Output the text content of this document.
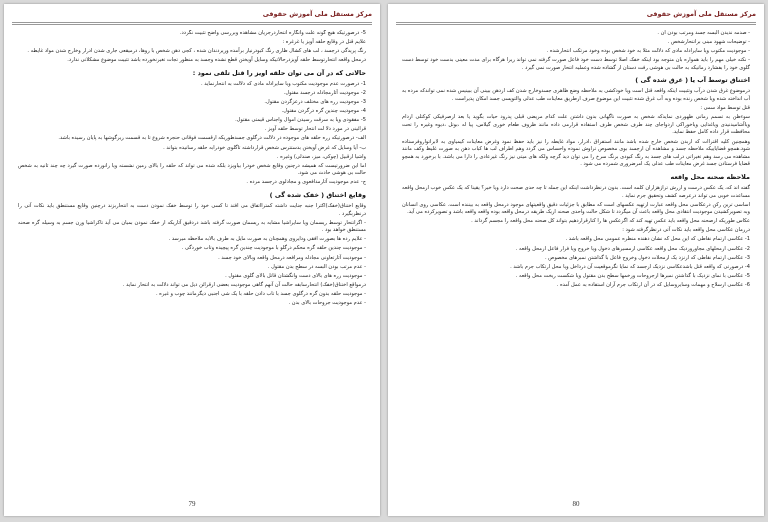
مرکز مستقل ملی آموزش حقوقی

5- درصورتیکه هیچ گونه علت وانگاره انتحاردرجریان مشاهده وبررسی واضح تثبیت نگردد.

علایم قتل در وقایع حلقه آویز یا غرغره :

رنگ پریدگی درجسد ، لب های کشال ظاری رنگ کبودرنیاز برآمده وزیردندان شده ، کجی دهن شخص با زوها، درمیقعی جاری شدن ادرار وخارج شدن مواد غایطه .

درمحل واقعه انتحارتوسط حلقه آویزدرحالاتیکه وسایل آویختن قطع نشده وجسد به منظور تجات تغیرنخورده باشد تثبیت موضوع مشکلاتی ندارد.

حالاتی که در آن می توان حلقه اویز را قتل تلقی نمود :

1- درصورت عدم موجودیت مکتوب ویا سایرادله مادی که دلالت به انتحارنماید .

2- موجودیت آثارمجادله درجسد مقتول.

3- موجودیت زره های مختلف درعزگردن مقتول.

4- موجودیت چندین گره درگردن مقتول.

5- مفقودی ویا به سرقت رسیدن اموال واجناس قیمتی مقتول.

قرائینی در مورد دلا لت انتحار توسط حلقه آویز .

الف- درصورتیکه زره حلقه های موجوده در دلالت درگلوی جسدطوریکه ازقسمت فوقانی حنجره شروع تا به قسمت زیرگوشها به پایان رسیده باشد.

ب- آیا وسایل که غرض آویختن بدستترس شخص قرارداشته تاگلوی خودرابه حلقه رسانیده بتواند .

واشیا ازقبیل (چوکی، میز، صندلی) وغیره .

اما این ضرورتیست که همیشه درچنین وقایع شخص خودرا بیاویزد بلکه شده می تواند که حلقه را بالای زمین نشسته ویا زانوزده صورت گیرد چه چند ثانیه به شخص حالت بی هوشی حادث می شود.

ج- عدم موجودیت آثارمدافعوی و مجادلوی درجسد مرده .

وقایع اختناق ( خفک شده گی )

وقایع اختناق(خفک)اکثرا جنبه جنایت داشته کمترااتفاق می افتد تا کسی خود را توسط خفک نمودن دست به انتحاربزند درچنین وقایع مستنطق باید نکات آتی را درنظربگیرد .

- اگرانتحار توسط ریسمان ویا سایراشیا مشابه به ریسمان صورت گرفته باشد دردقیق آثاریکه از خفک نمودن بمیان می آید تاکراشیا وزن جسم به وسیله گره صحنه مستنطق خواهد بود .

- علایم رده ها بصورت افقی ودایروی وهمچنان به صورت مایل به طرف بالابه ملاحظه میرسد .

- موجودیت چندین حلقه گره محکم درگلو با موجودیت چندین گره پیچیده وتاب خوردگی .

- موجودیت آثارتعاونی مجادله ومرافعه درمحل واقعه وبالای خود جسد .

- عدم مرتب بودن البسه در سطح بدن مقتول .

- موجودیت زره های بالای دست وانگشتان قاتل بالای گلوی مقتول .

درمواقع اختناق(خفک) انتحارسابقه حالت آن آنهم گاهی موجودیت بعضی ازقرائن ذیل می تواند دلالت به انتحار نماید .

- موجودیت حلقه بدون گره درگلوی جسد با تاب دادن حلقه با یک شی اجنبی دیگرمانند چوب و غیره .

- عدم موجودیت جروحات بالای بدن .

79
مرکز مستقل ملی آموزش حقوقی

- صدمه ندیدن البسه جسد ومرتب بودن آن .

- توضیحات شهود مبنی برانتحارشخص .

- موجودیت مکتوب ویا سایرادله مادی که دلالت مثلا به خود شخص بوده وخود مرتکب انتحارشده .

- نکته خیلی مهم را باید همواره بان متوجه بود اینکه خفک اصلا توسط دست خود فاعل صورت گرفته نمی تواند زیرا هرگاه برای مدت معینی بدست خود توسط دست گلوی خود را بفشارد زمانیکه به حالت بی هوشی رفت دستان از گشاده شده وعملیه انتحار صورت نمی گیرد .

اختناق توسط آب یا ( غرق شده گی )

درموضوع غرق شدن درآب وتثبیت اینکه واقعه قتل است ویا خودکشی به ملاحظه وضع ظاهری جسدوخارج شدن کف ازدهن ببینی آن ببینیس شده نمی تواندکه مرده به آب انداخته شده ویا شخص زنده بوده وبه آب غرق شده تثبیت این موضوع صرف ازطریق معاینات طب عدلی والتوپسی جسد امکان پذیراست .

قتل توسط مواد سمی :

سوءظن به تسمم زمانی ظهوردی نمایدکه شخص به صورت ناگهانی بدون داشتن علت کدام مریضی قبلی پدرود حیات بگوید یا بعد ازصرفیکی کوکتلی ازدام ویاآشامیدنیدی ویاغذایی ویاخوراکی ازدواجای چند طرف شخص طرف استفاده قرارمی داده مانند ظروف طعام خوری گیلاس، پیا له ،بوتل ،دیوه وغیره را تحت محافظت قرار داده کامل حفظ نماید.

وهمچنین کلیه اقتراات که ازبدن شخص خارج شده باشد مانند استفراق ،ادرار، مواد غایطه را نیز باید حفظ نمود وغرض معاینات کیمیاوی به لابراتواروفرستاده شود.همچو قضایاییکه ملاحظه جسد و مشاهده آن ازجسد بوی مخصوص تراوش نموده واحساس می گردد وهم اطراف لب ها کباب دهن به صورت غلیظ وکف مانند مشاهده می رسد وهم تغیراتی درلب های جسد به رنگ کبودی برنگ سرخ را می توان دید گرچه ولکه های میتی نیز رنگ غیرعادی را دارا می باشد. با برخورد به همچو قضایا فرستادن جسد غرض معاینات طب عدلی یک امرضروری شمرده می شود .

ملاحظه صحنه محل واقعه

گفته اند که، یک عکس درست و ازرش تراژهزاران کلمه است. بدون درنظرداشت اینکه این جمله تا چه حدی صحت دارد ویا خیر؟ یقینا که یک عکس خوب ازمحل واقعه مساعدت خوبی می تواند درعرصه کشف وتحقیق جرم نماید .

اساسی ترین رکن درعکاسی محل واقعه عبارت ازتهیه عکسهای است که مطابق با جزئیات دقیق واقعیتهای موجود درمحل واقعه به بیننده است. عکاسی روی انسانان وبه تصویرکشیدن موجودیت انتقادی محل واقعه باعث آن میگردد تا شکل حالت واحدی صحنه ازیک طریقه درمحل واقعه بوده واقعه واقعه باشد و تصویرکرده می آید.

عکاس طوریکه ازصحنه محل واقعه باید عکس تهیه کند که اگرعکس ها را کنارقراردهیم بتواند کل صحنه محل واقعه را مجسم گرداند .

درزمان عکاسی محل واقعه باید نکات آتی درنظرگرفته شود :

1- عکاسی ازتمام نقاطی که این محل که نشان دهنده منظره عمومی محل واقعه باشد .

2- عکاسی ازمحلهای مجاوروزدیک محل واقعه عکاسی ازمسیرهای دخول ویا خروج ویا فرار فاعل ازمحل واقعه .

3- عکاسی ازتمام نقاطی که ازنزد یک ازمحلات دخول وخروج فاعل با گذاشتن نمبرهای مخصوص .

4- درصورتی که واقعه قتل باشدعکاسی نزدیک ازجسد که نمایا نگرموقعیت آن درداخل ویا محل ارتکاب جرم باشد .

5- عکاسی با نمای نزدیک با گذاشتن نمبرها ازجروحات وزخمها سطح بدن مقتول ویا شکست ریخت محل واقعه .

6- عکاسی ازسلاح و مهمات وسایروسایل که در آن ارتکاب جرم آزان استفاده به عمل آمده .

80
